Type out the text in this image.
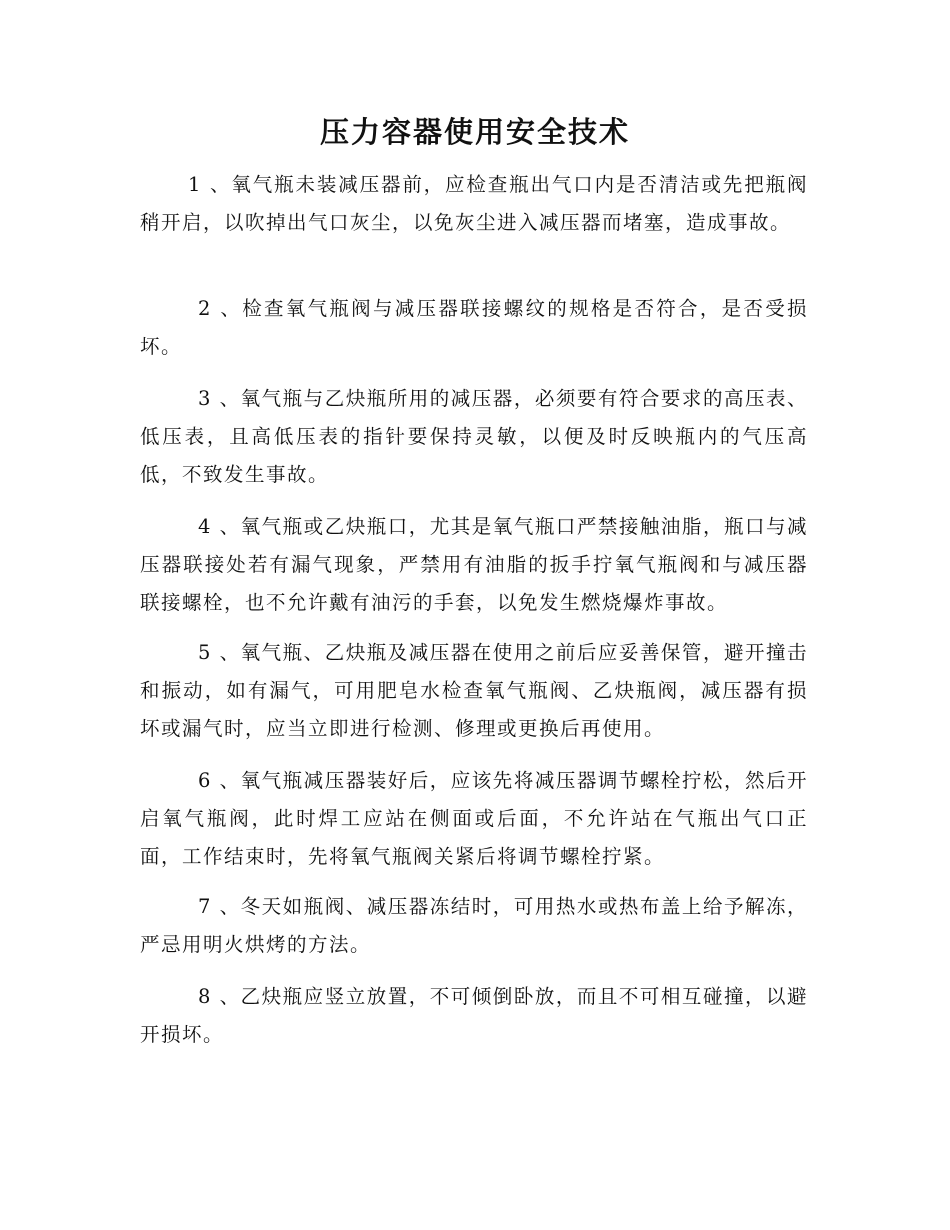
压力容器使用安全技术

1 、氧气瓶未装减压器前，应检查瓶出气口内是否清洁或先把瓶阀稍开启，以吹掉出气口灰尘，以免灰尘进入减压器而堵塞，造成事故。

2 、检查氧气瓶阀与减压器联接螺纹的规格是否符合，是否受损坏。

3 、氧气瓶与乙炔瓶所用的减压器，必须要有符合要求的高压表、低压表，且高低压表的指针要保持灵敏，以便及时反映瓶内的气压高低，不致发生事故。

4 、氧气瓶或乙炔瓶口，尤其是氧气瓶口严禁接触油脂，瓶口与减压器联接处若有漏气现象，严禁用有油脂的扳手拧氧气瓶阀和与减压器联接螺栓，也不允许戴有油污的手套，以免发生燃烧爆炸事故。

5 、氧气瓶、乙炔瓶及减压器在使用之前后应妥善保管，避开撞击和振动，如有漏气，可用肥皂水检查氧气瓶阀、乙炔瓶阀，减压器有损坏或漏气时，应当立即进行检测、修理或更换后再使用。

6 、氧气瓶减压器装好后，应该先将减压器调节螺栓拧松，然后开启氧气瓶阀，此时焊工应站在侧面或后面，不允许站在气瓶出气口正面，工作结束时，先将氧气瓶阀关紧后将调节螺栓拧紧。

7 、冬天如瓶阀、减压器冻结时，可用热水或热布盖上给予解冻，严忌用明火烘烤的方法。

8 、乙炔瓶应竖立放置，不可倾倒卧放，而且不可相互碰撞，以避开损坏。
